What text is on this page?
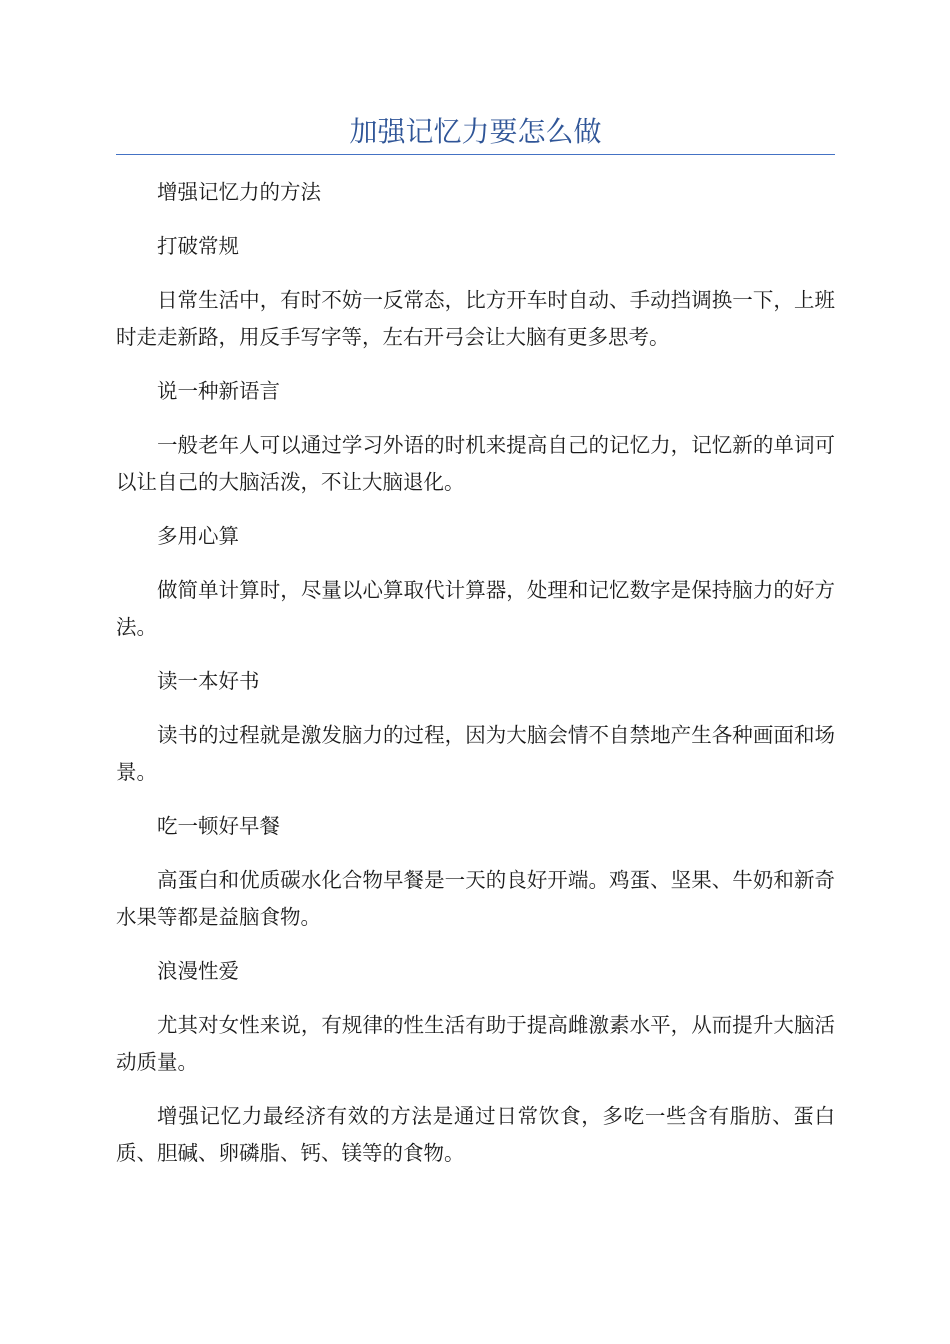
加强记忆力要怎么做

增强记忆力的方法

打破常规

日常生活中，有时不妨一反常态，比方开车时自动、手动挡调换一下，上班时走走新路，用反手写字等，左右开弓会让大脑有更多思考。

说一种新语言

一般老年人可以通过学习外语的时机来提高自己的记忆力，记忆新的单词可以让自己的大脑活泼，不让大脑退化。

多用心算

做简单计算时，尽量以心算取代计算器，处理和记忆数字是保持脑力的好方法。

读一本好书

读书的过程就是激发脑力的过程，因为大脑会情不自禁地产生各种画面和场景。

吃一顿好早餐

高蛋白和优质碳水化合物早餐是一天的良好开端。鸡蛋、坚果、牛奶和新奇水果等都是益脑食物。

浪漫性爱

尤其对女性来说，有规律的性生活有助于提高雌激素水平，从而提升大脑活动质量。

增强记忆力最经济有效的方法是通过日常饮食，多吃一些含有脂肪、蛋白质、胆碱、卵磷脂、钙、镁等的食物。
